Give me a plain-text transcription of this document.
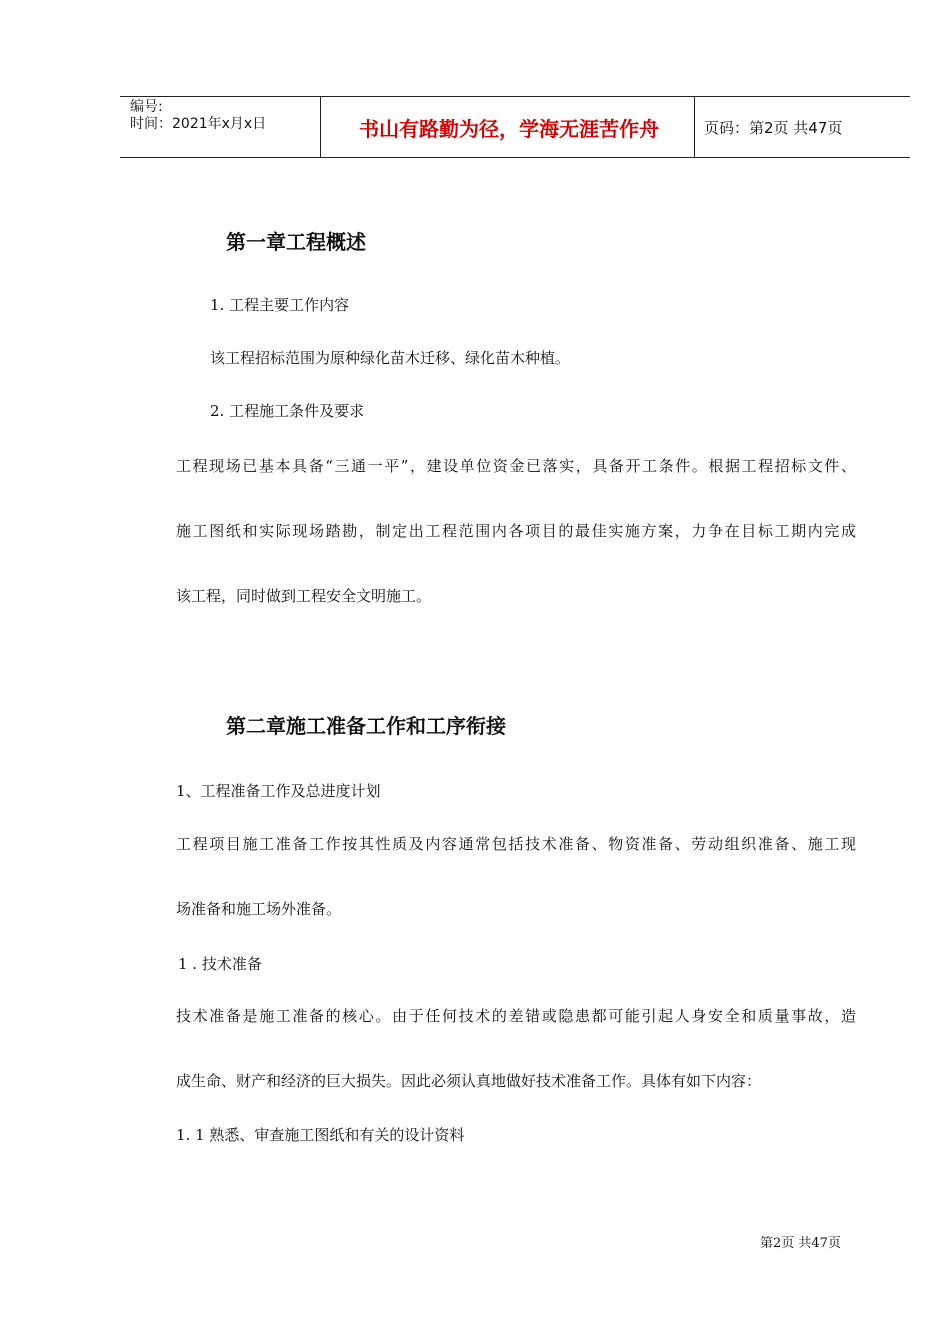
编号:
时间：2021年x月x日	书山有路勤为径，学海无涯苦作舟	页码：第2页 共47页
第一章工程概述
1. 工程主要工作内容
该工程招标范围为原种绿化苗木迁移、绿化苗木种植。
2. 工程施工条件及要求
工程现场已基本具备“三通一平”，建设单位资金已落实，具备开工条件。根据工程招标文件、
施工图纸和实际现场踏勘，制定出工程范围内各项目的最佳实施方案，力争在目标工期内完成
该工程，同时做到工程安全文明施工。
第二章施工准备工作和工序衔接
1、工程准备工作及总进度计划
工程项目施工准备工作按其性质及内容通常包括技术准备、物资准备、劳动组织准备、施工现
场准备和施工场外准备。
1 . 技术准备
技术准备是施工准备的核心。由于任何技术的差错或隐患都可能引起人身安全和质量事故，造
成生命、财产和经济的巨大损失。因此必须认真地做好技术准备工作。具体有如下内容：
1. 1 熟悉、审查施工图纸和有关的设计资料
第2页 共47页
